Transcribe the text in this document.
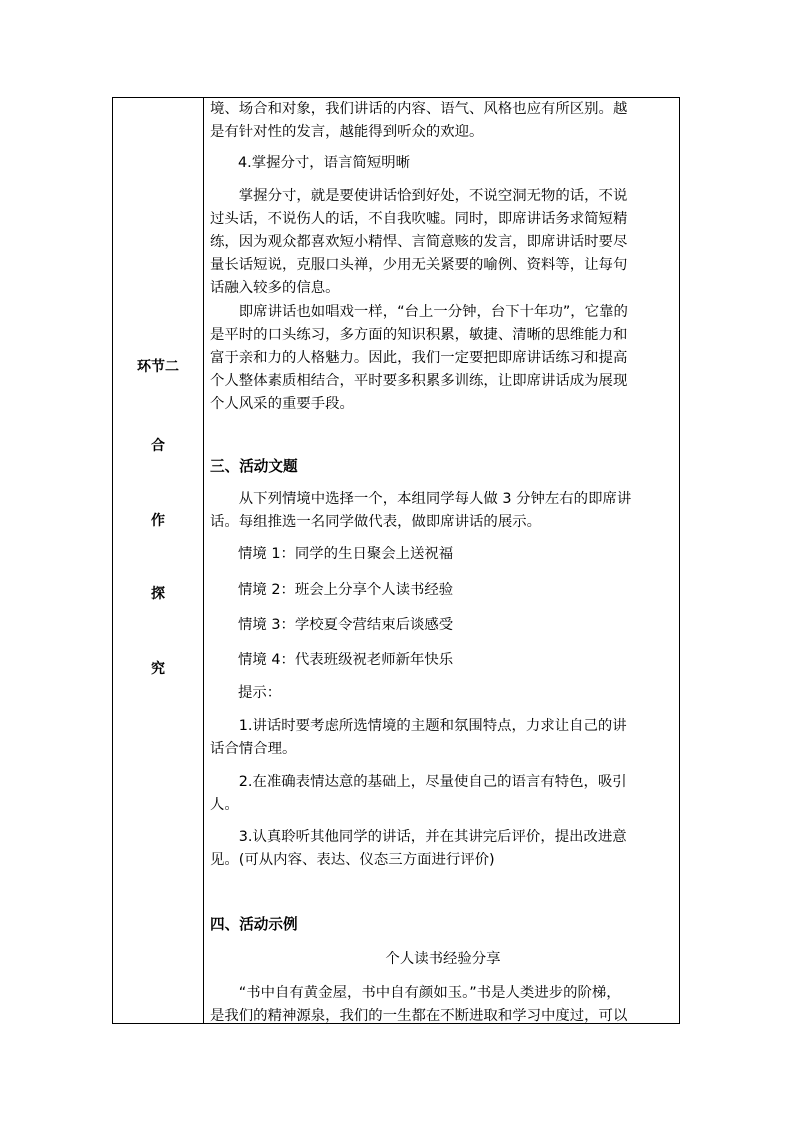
环节二
合
作
探
究
境、场合和对象，我们讲话的内容、语气、风格也应有所区别。越
是有针对性的发言，越能得到听众的欢迎。
4.掌握分寸，语言简短明晰
　　掌握分寸，就是要使讲话恰到好处，不说空洞无物的话，不说
过头话，不说伤人的话，不自我吹嘘。同时，即席讲话务求简短精
练，因为观众都喜欢短小精悍、言简意赅的发言，即席讲话时要尽
量长话短说，克服口头禅，少用无关紧要的喻例、资料等，让每句
话融入较多的信息。
　　即席讲话也如唱戏一样，“台上一分钟，台下十年功”，它靠的
是平时的口头练习，多方面的知识积累，敏捷、清晰的思维能力和
富于亲和力的人格魅力。因此，我们一定要把即席讲话练习和提高
个人整体素质相结合，平时要多积累多训练，让即席讲话成为展现
个人风采的重要手段。
三、活动文题
　　从下列情境中选择一个，本组同学每人做 3 分钟左右的即席讲
话。每组推选一名同学做代表，做即席讲话的展示。
情境 1：同学的生日聚会上送祝福
情境 2：班会上分享个人读书经验
情境 3：学校夏令营结束后谈感受
情境 4：代表班级祝老师新年快乐
提示：
　　1.讲话时要考虑所选情境的主题和氛围特点，力求让自己的讲
话合情合理。
　　2.在准确表情达意的基础上，尽量使自己的语言有特色，吸引
人。
　　3.认真聆听其他同学的讲话，并在其讲完后评价，提出改进意
见。(可从内容、表达、仪态三方面进行评价)
四、活动示例
个人读书经验分享
　　“书中自有黄金屋，书中自有颜如玉。”书是人类进步的阶梯，
是我们的精神源泉，我们的一生都在不断进取和学习中度过，可以
